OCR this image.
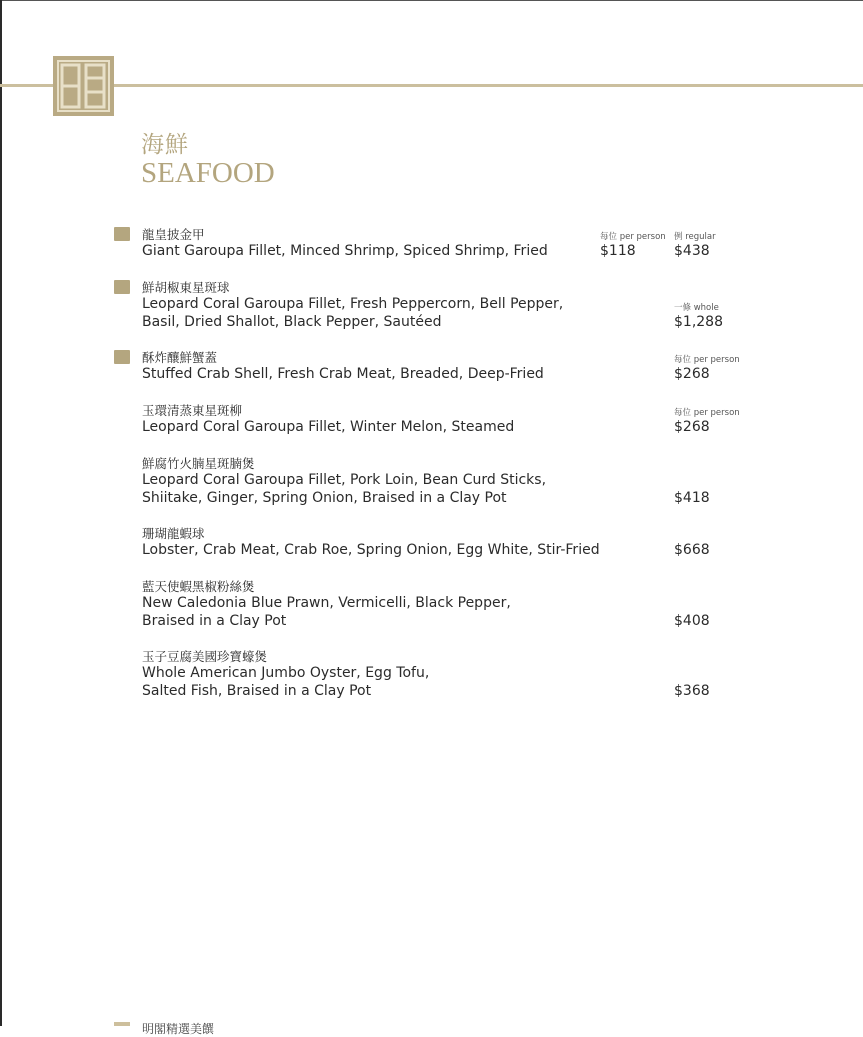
海鮮
SEAFOOD
龍皇披金甲
Giant Garoupa Fillet, Minced Shrimp, Spiced Shrimp, Fried
每位 per person 例 regular
$118	$438
鮮胡椒東星斑球
Leopard Coral Garoupa Fillet, Fresh Peppercorn, Bell Pepper,
Basil, Dried Shallot, Black Pepper, Sautéed
一條 whole
$1,288
酥炸釀鮮蟹蓋
Stuffed Crab Shell, Fresh Crab Meat, Breaded, Deep-Fried
每位 per person
$268
玉環清蒸東星斑柳
Leopard Coral Garoupa Fillet, Winter Melon, Steamed
每位 per person
$268
鮮腐竹火腩星斑腩煲
Leopard Coral Garoupa Fillet, Pork Loin, Bean Curd Sticks,
Shiitake, Ginger, Spring Onion, Braised in a Clay Pot	$418
珊瑚龍蝦球
Lobster, Crab Meat, Crab Roe, Spring Onion, Egg White, Stir-Fried	$668
藍天使蝦黑椒粉絲煲
New Caledonia Blue Prawn, Vermicelli, Black Pepper,
Braised in a Clay Pot	$408
玉子豆腐美國珍寶蠔煲
Whole American Jumbo Oyster, Egg Tofu,
Salted Fish, Braised in a Clay Pot	$368
明閣精選美饌
